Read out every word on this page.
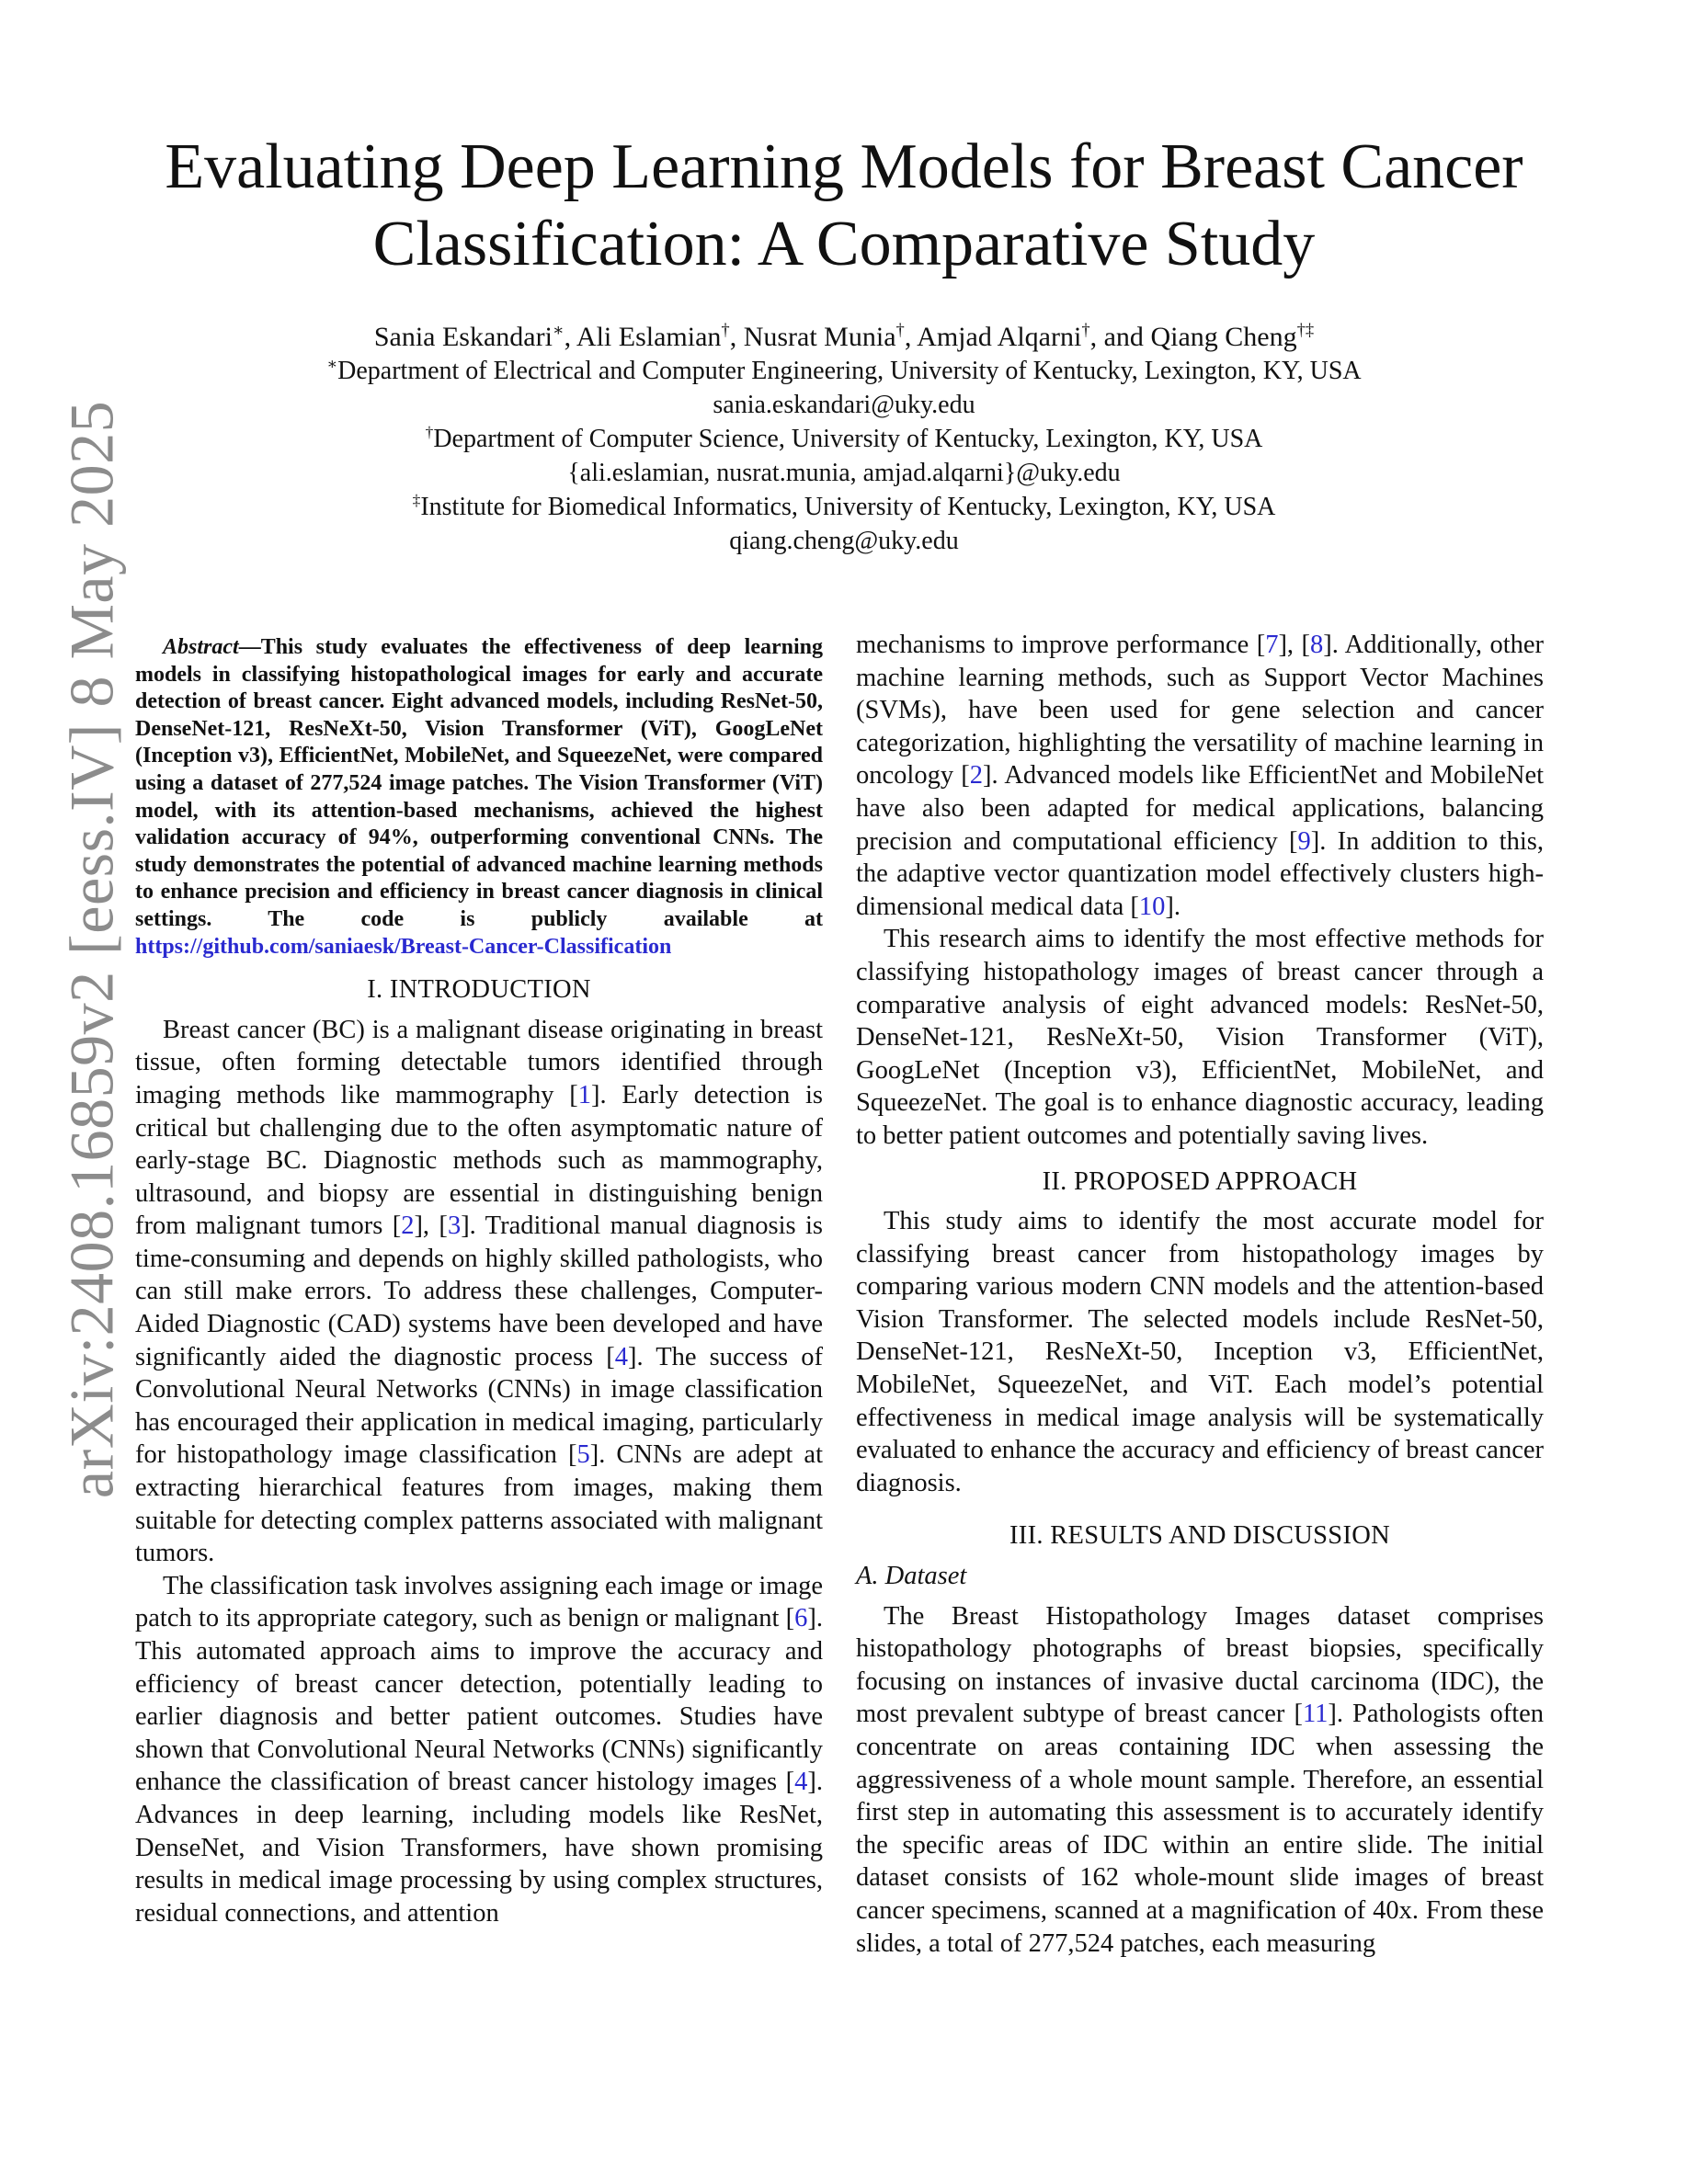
arXiv:2408.16859v2 [eess.IV] 8 May 2025
Evaluating Deep Learning Models for Breast Cancer Classification: A Comparative Study
Sania Eskandari∗, Ali Eslamian†, Nusrat Munia†, Amjad Alqarni†, and Qiang Cheng†‡
∗Department of Electrical and Computer Engineering, University of Kentucky, Lexington, KY, USA
sania.eskandari@uky.edu
†Department of Computer Science, University of Kentucky, Lexington, KY, USA
{ali.eslamian, nusrat.munia, amjad.alqarni}@uky.edu
‡Institute for Biomedical Informatics, University of Kentucky, Lexington, KY, USA
qiang.cheng@uky.edu

Abstract—This study evaluates the effectiveness of deep learning models in classifying histopathological images for early and accurate detection of breast cancer. Eight advanced models, including ResNet-50, DenseNet-121, ResNeXt-50, Vision Transformer (ViT), GoogLeNet (Inception v3), EfficientNet, MobileNet, and SqueezeNet, were compared using a dataset of 277,524 image patches. The Vision Transformer (ViT) model, with its attention-based mechanisms, achieved the highest validation accuracy of 94%, outperforming conventional CNNs. The study demonstrates the potential of advanced machine learning methods to enhance precision and efficiency in breast cancer diagnosis in clinical settings. The code is publicly available at https://github.com/saniaesk/Breast-Cancer-Classification

I. INTRODUCTION

Breast cancer (BC) is a malignant disease originating in breast tissue, often forming detectable tumors identified through imaging methods like mammography [1]. Early detection is critical but challenging due to the often asymptomatic nature of early-stage BC. Diagnostic methods such as mammography, ultrasound, and biopsy are essential in distinguishing benign from malignant tumors [2], [3]. Traditional manual diagnosis is time-consuming and depends on highly skilled pathologists, who can still make errors. To address these challenges, Computer-Aided Diagnostic (CAD) systems have been developed and have significantly aided the diagnostic process [4]. The success of Convolutional Neural Networks (CNNs) in image classification has encouraged their application in medical imaging, particularly for histopathology image classification [5]. CNNs are adept at extracting hierarchical features from images, making them suitable for detecting complex patterns associated with malignant tumors.

The classification task involves assigning each image or image patch to its appropriate category, such as benign or malignant [6]. This automated approach aims to improve the accuracy and efficiency of breast cancer detection, potentially leading to earlier diagnosis and better patient outcomes. Studies have shown that Convolutional Neural Networks (CNNs) significantly enhance the classification of breast cancer histology images [4]. Advances in deep learning, including models like ResNet, DenseNet, and Vision Transformers, have shown promising results in medical image processing by using complex structures, residual connections, and attention

mechanisms to improve performance [7], [8]. Additionally, other machine learning methods, such as Support Vector Machines (SVMs), have been used for gene selection and cancer categorization, highlighting the versatility of machine learning in oncology [2]. Advanced models like EfficientNet and MobileNet have also been adapted for medical applications, balancing precision and computational efficiency [9]. In addition to this, the adaptive vector quantization model effectively clusters high-dimensional medical data [10].

This research aims to identify the most effective methods for classifying histopathology images of breast cancer through a comparative analysis of eight advanced models: ResNet-50, DenseNet-121, ResNeXt-50, Vision Transformer (ViT), GoogLeNet (Inception v3), EfficientNet, MobileNet, and SqueezeNet. The goal is to enhance diagnostic accuracy, leading to better patient outcomes and potentially saving lives.

II. PROPOSED APPROACH

This study aims to identify the most accurate model for classifying breast cancer from histopathology images by comparing various modern CNN models and the attention-based Vision Transformer. The selected models include ResNet-50, DenseNet-121, ResNeXt-50, Inception v3, EfficientNet, MobileNet, SqueezeNet, and ViT. Each model’s potential effectiveness in medical image analysis will be systematically evaluated to enhance the accuracy and efficiency of breast cancer diagnosis.

III. RESULTS AND DISCUSSION
A. Dataset

The Breast Histopathology Images dataset comprises histopathology photographs of breast biopsies, specifically focusing on instances of invasive ductal carcinoma (IDC), the most prevalent subtype of breast cancer [11]. Pathologists often concentrate on areas containing IDC when assessing the aggressiveness of a whole mount sample. Therefore, an essential first step in automating this assessment is to accurately identify the specific areas of IDC within an entire slide. The initial dataset consists of 162 whole-mount slide images of breast cancer specimens, scanned at a magnification of 40x. From these slides, a total of 277,524 patches, each measuring
